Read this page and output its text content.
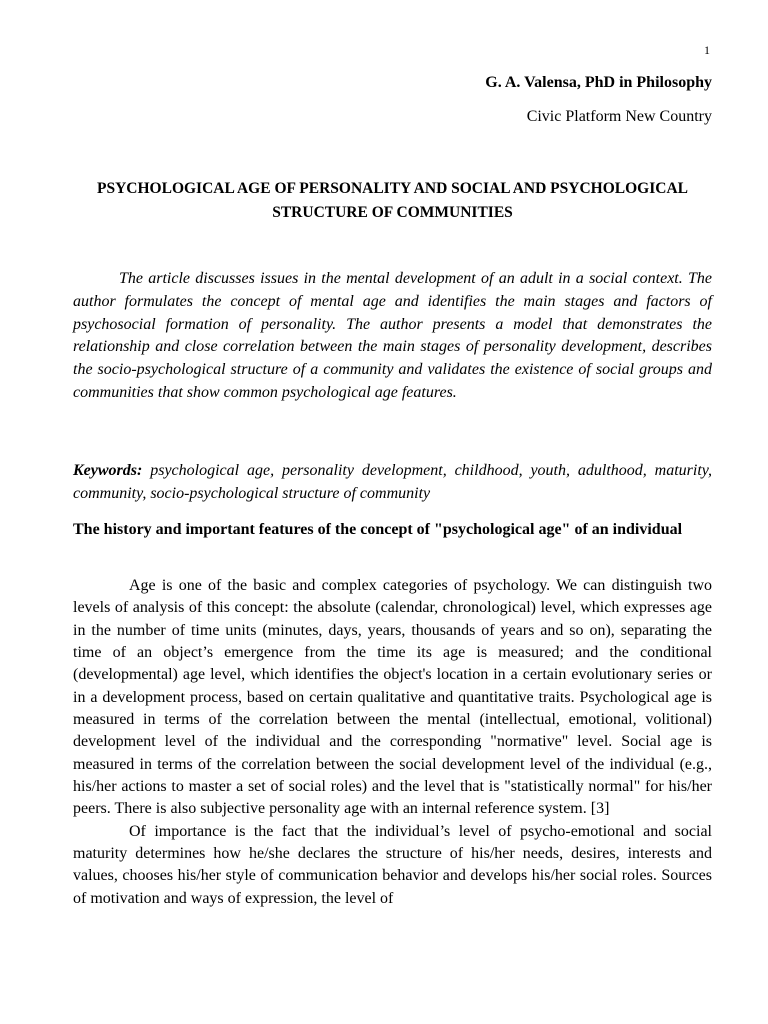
1
G. A. Valensa, PhD in Philosophy
Civic Platform New Country
PSYCHOLOGICAL AGE OF PERSONALITY AND SOCIAL AND PSYCHOLOGICAL STRUCTURE OF COMMUNITIES

The article discusses issues in the mental development of an adult in a social context. The author formulates the concept of mental age and identifies the main stages and factors of psychosocial formation of personality. The author presents a model that demonstrates the relationship and close correlation between the main stages of personality development, describes the socio-psychological structure of a community and validates the existence of social groups and communities that show common psychological age features.

Keywords: psychological age, personality development, childhood, youth, adulthood, maturity, community, socio-psychological structure of community

The history and important features of the concept of "psychological age" of an individual

Age is one of the basic and complex categories of psychology. We can distinguish two levels of analysis of this concept: the absolute (calendar, chronological) level, which expresses age in the number of time units (minutes, days, years, thousands of years and so on), separating the time of an object’s emergence from the time its age is measured; and the conditional (developmental) age level, which identifies the object's location in a certain evolutionary series or in a development process, based on certain qualitative and quantitative traits. Psychological age is measured in terms of the correlation between the mental (intellectual, emotional, volitional) development level of the individual and the corresponding "normative" level. Social age is measured in terms of the correlation between the social development level of the individual (e.g., his/her actions to master a set of social roles) and the level that is "statistically normal" for his/her peers. There is also subjective personality age with an internal reference system. [3]

Of importance is the fact that the individual’s level of psycho-emotional and social maturity determines how he/she declares the structure of his/her needs, desires, interests and values, chooses his/her style of communication behavior and develops his/her social roles. Sources of motivation and ways of expression, the level of
